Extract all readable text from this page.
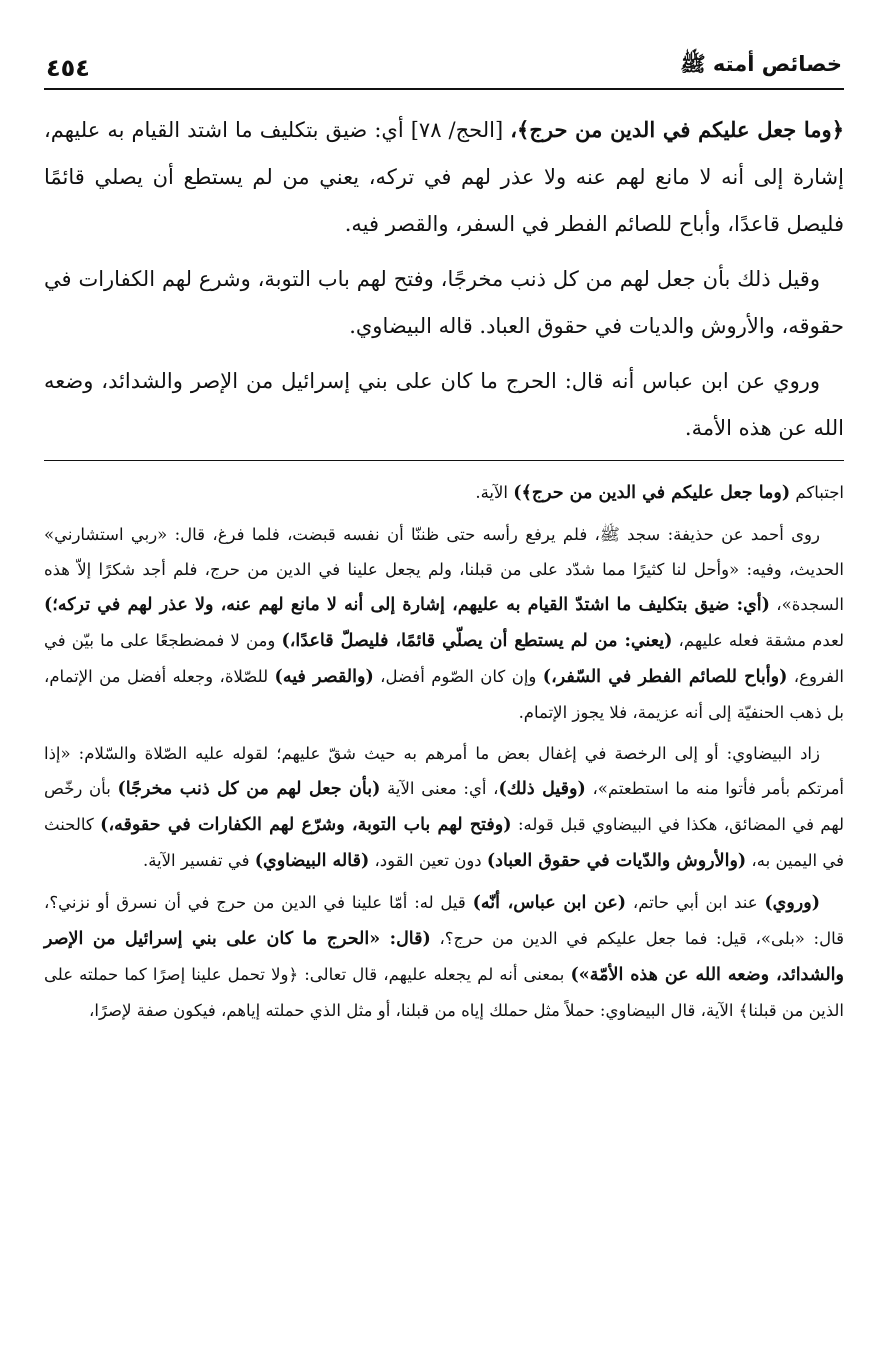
خصائص أمته ﷺ
٤٥٤

﴿وما جعل عليكم في الدين من حرج﴾، [الحج/ ٧٨] أي: ضيق بتكليف ما اشتد القيام به عليهم، إشارة إلى أنه لا مانع لهم عنه ولا عذر لهم في تركه، يعني من لم يستطع أن يصلي قائمًا فليصل قاعدًا، وأباح للصائم الفطر في السفر، والقصر فيه.

وقيل ذلك بأن جعل لهم من كل ذنب مخرجًا، وفتح لهم باب التوبة، وشرع لهم الكفارات في حقوقه، والأروش والديات في حقوق العباد. قاله البيضاوي.

وروي عن ابن عباس أنه قال: الحرج ما كان على بني إسرائيل من الإصر والشدائد، وضعه الله عن هذه الأمة.

اجتباكم (وما جعل عليكم في الدين من حرج﴾) الآية.

روى أحمد عن حذيفة: سجد ﷺ، فلم يرفع رأسه حتى ظننّا أن نفسه قبضت، فلما فرغ، قال: «ربي استشارني» الحديث، وفيه: «وأحل لنا كثيرًا مما شدّد على من قبلنا، ولم يجعل علينا في الدين من حرج، فلم أجد شكرًا إلاّ هذه السجدة»، (أي: ضيق بتكليف ما اشتدّ القيام به عليهم، إشارة إلى أنه لا مانع لهم عنه، ولا عذر لهم في تركه؛) لعدم مشقة فعله عليهم، (يعني: من لم يستطع أن يصلّي قائمًا، فليصلّ قاعدًا،) ومن لا فمضطجعًا على ما بيّن في الفروع، (وأباح للصائم الفطر في السّفر،) وإن كان الصّوم أفضل، (والقصر فيه) للصّلاة، وجعله أفضل من الإتمام، بل ذهب الحنفيّة إلى أنه عزيمة، فلا يجوز الإتمام.

زاد البيضاوي: أو إلى الرخصة في إغفال بعض ما أمرهم به حيث شقّ عليهم؛ لقوله عليه الصّلاة والسّلام: «إذا أمرتكم بأمر فأتوا منه ما استطعتم»، (وقيل ذلك)، أي: معنى الآية (بأن جعل لهم من كل ذنب مخرجًا) بأن رخّص لهم في المضائق، هكذا في البيضاوي قبل قوله: (وفتح لهم باب التوبة، وشرّع لهم الكفارات في حقوقه،) كالحنث في اليمين به، (والأروش والدّيات في حقوق العباد) دون تعين القود، (قاله البيضاوي) في تفسير الآية.

(وروي) عند ابن أبي حاتم، (عن ابن عباس، أنّه) قيل له: أمّا علينا في الدين من حرج في أن نسرق أو نزني؟، قال: «بلى»، قيل: فما جعل عليكم في الدين من حرج؟، (قال: «الحرج ما كان على بني إسرائيل من الإصر والشدائد، وضعه الله عن هذه الأمّة») بمعنى أنه لم يجعله عليهم، قال تعالى: ﴿ولا تحمل علينا إصرًا كما حملته على الذين من قبلنا﴾ الآية، قال البيضاوي: حملاً مثل حملك إياه من قبلنا، أو مثل الذي حملته إياهم، فيكون صفة لإصرًا،
